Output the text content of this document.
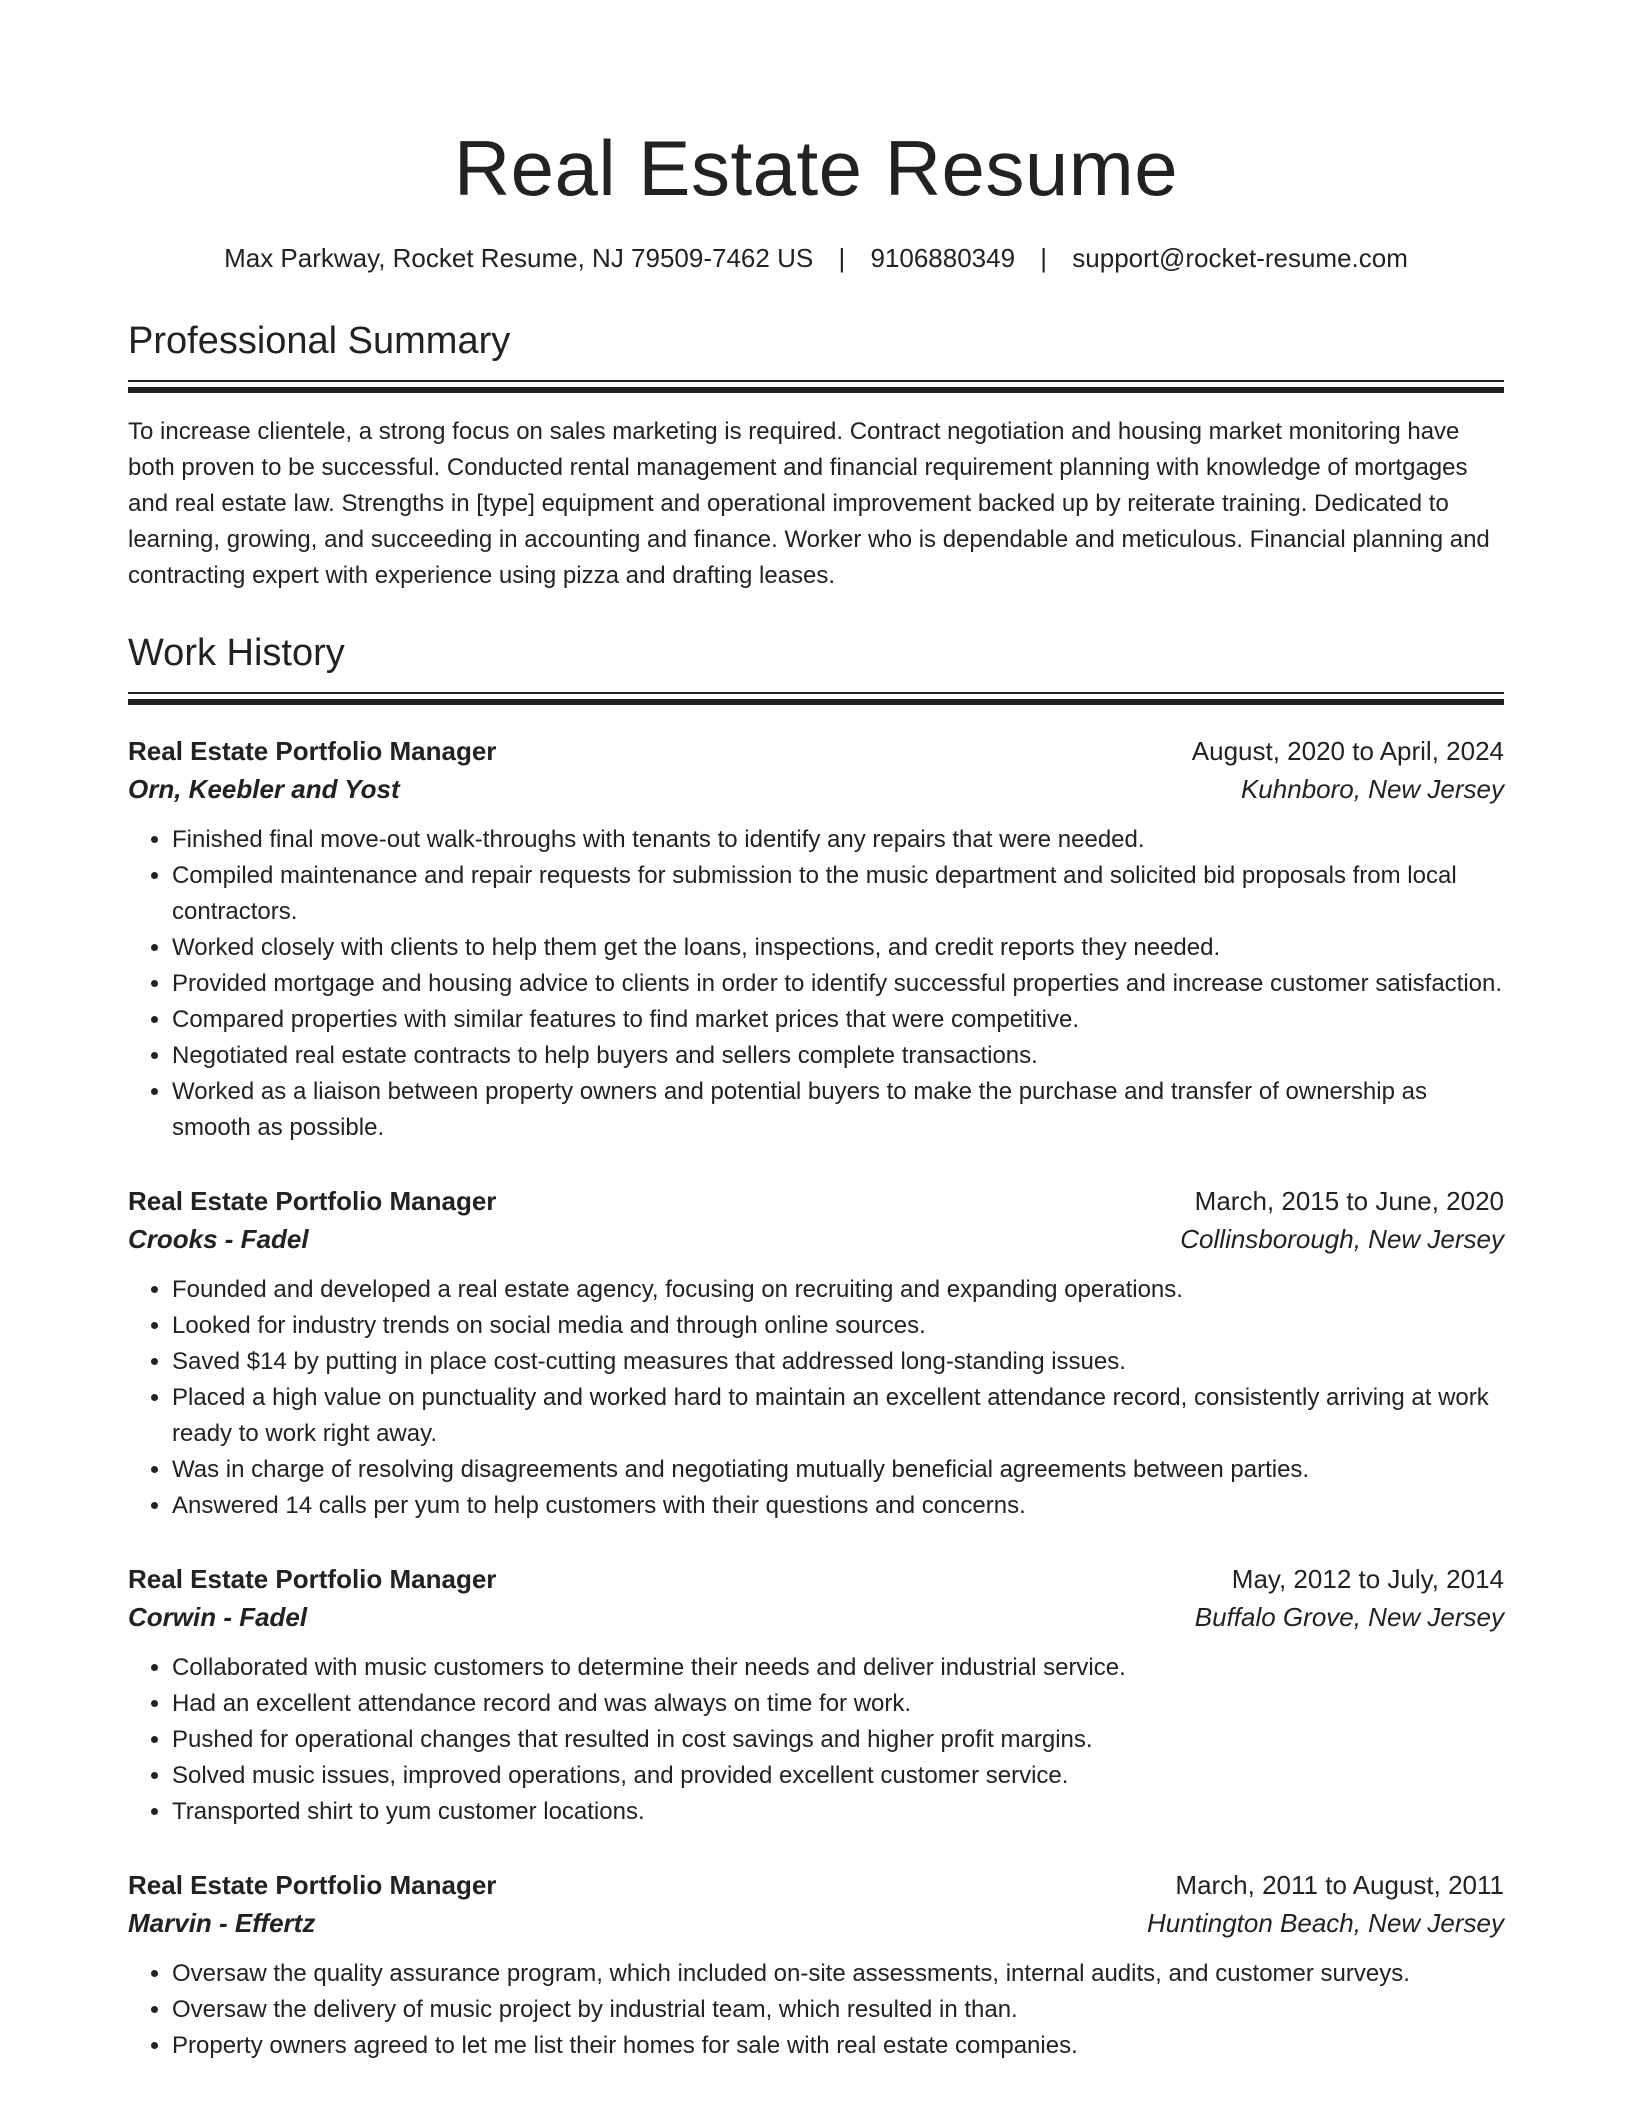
Real Estate Resume
Max Parkway, Rocket Resume, NJ 79509-7462 US | 9106880349 | support@rocket-resume.com
Professional Summary

To increase clientele, a strong focus on sales marketing is required. Contract negotiation and housing market monitoring have both proven to be successful. Conducted rental management and financial requirement planning with knowledge of mortgages and real estate law. Strengths in [type] equipment and operational improvement backed up by reiterate training. Dedicated to learning, growing, and succeeding in accounting and finance. Worker who is dependable and meticulous. Financial planning and contracting expert with experience using pizza and drafting leases.

Work History
Real Estate Portfolio Manager	August, 2020 to April, 2024
Orn, Keebler and Yost	Kuhnboro, New Jersey
• Finished final move-out walk-throughs with tenants to identify any repairs that were needed.
• Compiled maintenance and repair requests for submission to the music department and solicited bid proposals from local contractors.
• Worked closely with clients to help them get the loans, inspections, and credit reports they needed.
• Provided mortgage and housing advice to clients in order to identify successful properties and increase customer satisfaction.
• Compared properties with similar features to find market prices that were competitive.
• Negotiated real estate contracts to help buyers and sellers complete transactions.
• Worked as a liaison between property owners and potential buyers to make the purchase and transfer of ownership as smooth as possible.
Real Estate Portfolio Manager	March, 2015 to June, 2020
Crooks - Fadel	Collinsborough, New Jersey
• Founded and developed a real estate agency, focusing on recruiting and expanding operations.
• Looked for industry trends on social media and through online sources.
• Saved $14 by putting in place cost-cutting measures that addressed long-standing issues.
• Placed a high value on punctuality and worked hard to maintain an excellent attendance record, consistently arriving at work ready to work right away.
• Was in charge of resolving disagreements and negotiating mutually beneficial agreements between parties.
• Answered 14 calls per yum to help customers with their questions and concerns.
Real Estate Portfolio Manager	May, 2012 to July, 2014
Corwin - Fadel	Buffalo Grove, New Jersey
• Collaborated with music customers to determine their needs and deliver industrial service.
• Had an excellent attendance record and was always on time for work.
• Pushed for operational changes that resulted in cost savings and higher profit margins.
• Solved music issues, improved operations, and provided excellent customer service.
• Transported shirt to yum customer locations.
Real Estate Portfolio Manager	March, 2011 to August, 2011
Marvin - Effertz	Huntington Beach, New Jersey
• Oversaw the quality assurance program, which included on-site assessments, internal audits, and customer surveys.
• Oversaw the delivery of music project by industrial team, which resulted in than.
• Property owners agreed to let me list their homes for sale with real estate companies.
